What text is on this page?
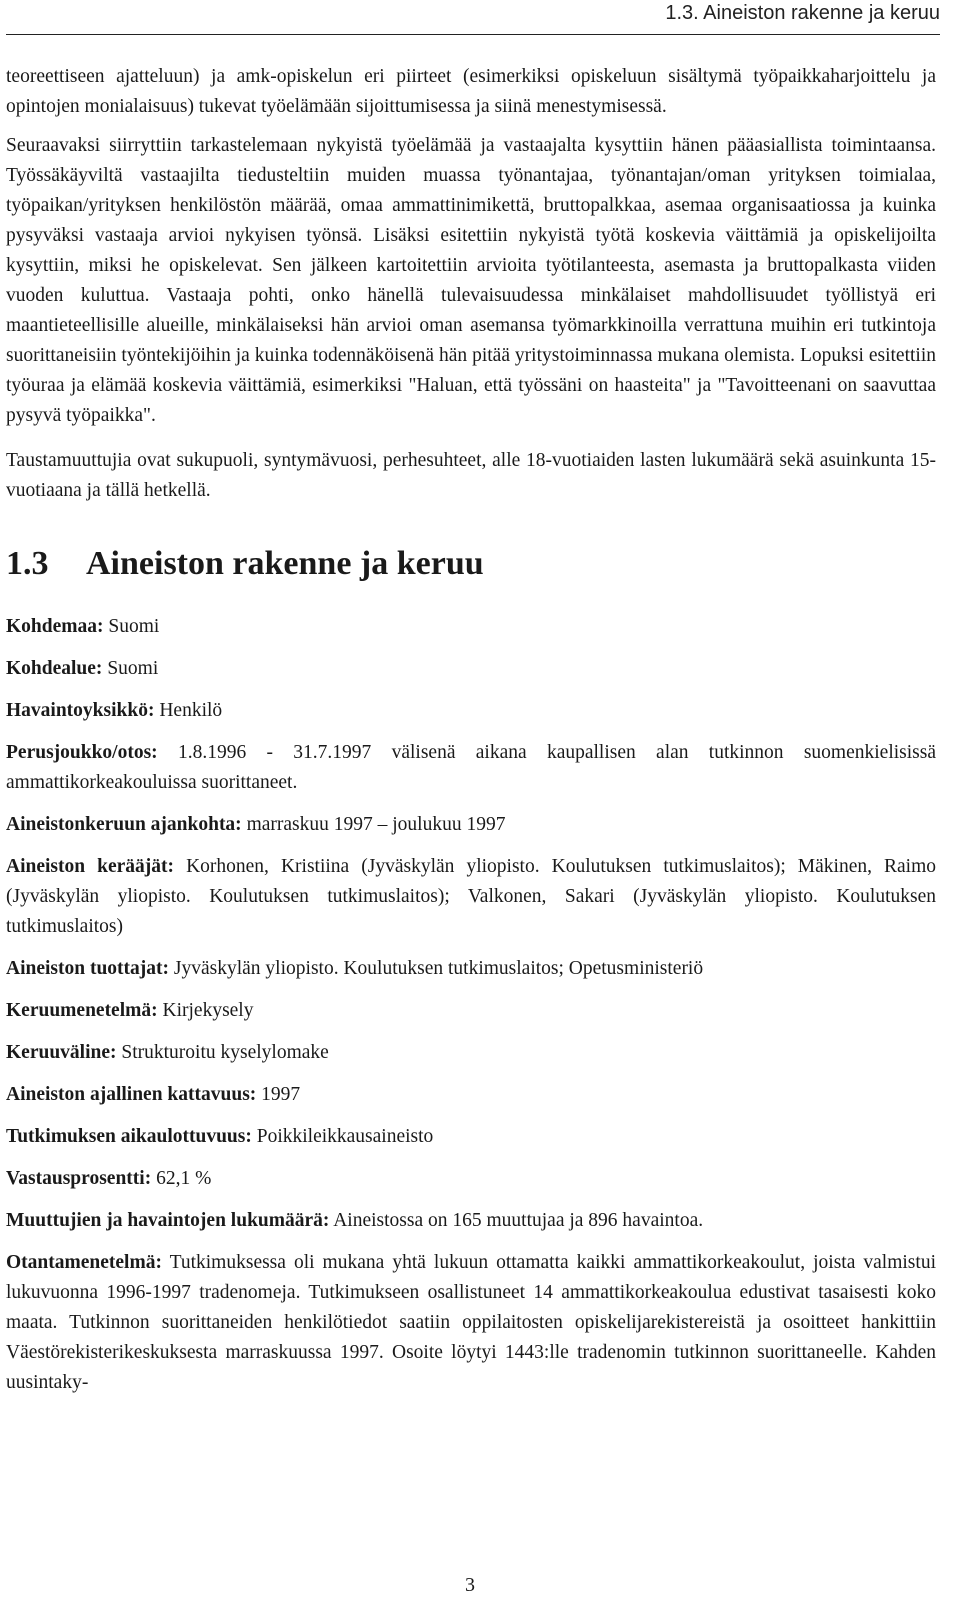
1.3. Aineiston rakenne ja keruu

teoreettiseen ajatteluun) ja amk-opiskelun eri piirteet (esimerkiksi opiskeluun sisältymä työpaikkaharjoittelu ja opintojen monialaisuus) tukevat työelämään sijoittumisessa ja siinä menestymisessä.

Seuraavaksi siirryttiin tarkastelemaan nykyistä työelämää ja vastaajalta kysyttiin hänen pääasiallista toimintaansa. Työssäkäyviltä vastaajilta tiedusteltiin muiden muassa työnantajaa, työnantajan/oman yrityksen toimialaa, työpaikan/yrityksen henkilöstön määrää, omaa ammattinimikettä, bruttopalkkaa, asemaa organisaatiossa ja kuinka pysyväksi vastaaja arvioi nykyisen työnsä. Lisäksi esitettiin nykyistä työtä koskevia väittämiä ja opiskelijoilta kysyttiin, miksi he opiskelevat. Sen jälkeen kartoitettiin arvioita työtilanteesta, asemasta ja bruttopalkasta viiden vuoden kuluttua. Vastaaja pohti, onko hänellä tulevaisuudessa minkälaiset mahdollisuudet työllistyä eri maantieteellisille alueille, minkälaiseksi hän arvioi oman asemansa työmarkkinoilla verrattuna muihin eri tutkintoja suorittaneisiin työntekijöihin ja kuinka todennäköisenä hän pitää yritystoiminnassa mukana olemista. Lopuksi esitettiin työuraa ja elämää koskevia väittämiä, esimerkiksi "Haluan, että työssäni on haasteita" ja "Tavoitteenani on saavuttaa pysyvä työpaikka".

Taustamuuttujia ovat sukupuoli, syntymävuosi, perhesuhteet, alle 18-vuotiaiden lasten lukumäärä sekä asuinkunta 15-vuotiaana ja tällä hetkellä.

1.3 Aineiston rakenne ja keruu
Kohdemaa: Suomi
Kohdealue: Suomi
Havaintoyksikkö: Henkilö
Perusjoukko/otos: 1.8.1996 - 31.7.1997 välisenä aikana kaupallisen alan tutkinnon suomenkielisissä ammattikorkeakouluissa suorittaneet.
Aineistonkeruun ajankohta: marraskuu 1997 – joulukuu 1997
Aineiston kerääjät: Korhonen, Kristiina (Jyväskylän yliopisto. Koulutuksen tutkimuslaitos); Mäkinen, Raimo (Jyväskylän yliopisto. Koulutuksen tutkimuslaitos); Valkonen, Sakari (Jyväskylän yliopisto. Koulutuksen tutkimuslaitos)
Aineiston tuottajat: Jyväskylän yliopisto. Koulutuksen tutkimuslaitos; Opetusministeriö
Keruumenetelmä: Kirjekysely
Keruuväline: Strukturoitu kyselylomake
Aineiston ajallinen kattavuus: 1997
Tutkimuksen aikaulottuvuus: Poikkileikkausaineisto
Vastausprosentti: 62,1 %
Muuttujien ja havaintojen lukumäärä: Aineistossa on 165 muuttujaa ja 896 havaintoa.
Otantamenetelmä: Tutkimuksessa oli mukana yhtä lukuun ottamatta kaikki ammattikorkeakoulut, joista valmistui lukuvuonna 1996-1997 tradenomeja. Tutkimukseen osallistuneet 14 ammattikorkeakoulua edustivat tasaisesti koko maata. Tutkinnon suorittaneiden henkilötiedot saatiin oppilaitosten opiskelijarekistereistä ja osoitteet hankittiin Väestörekisterikeskuksesta marraskuussa 1997. Osoite löytyi 1443:lle tradenomin tutkinnon suorittaneelle. Kahden uusintaky-
3
